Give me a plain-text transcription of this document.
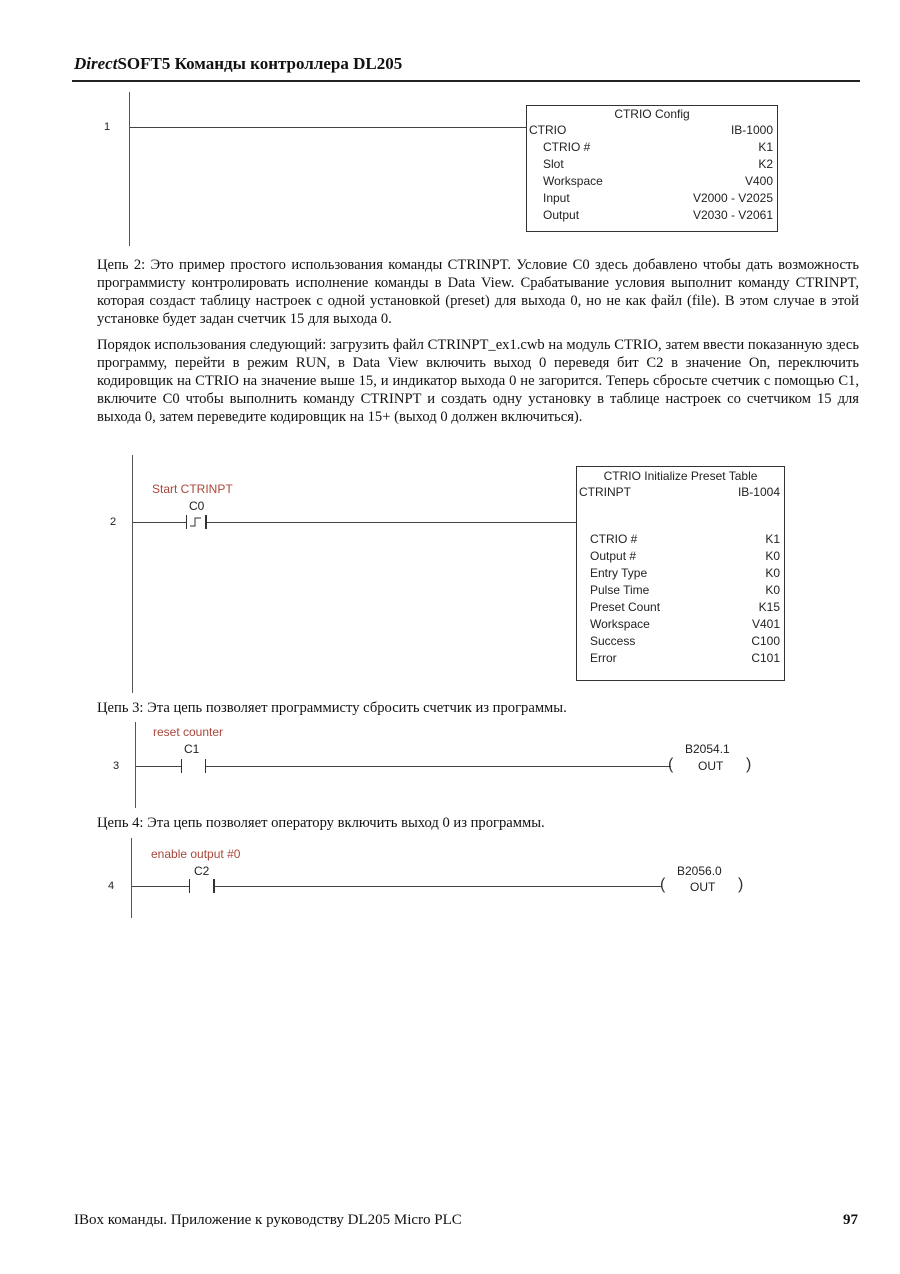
DirectSOFT5 Команды контроллера DL205
1
CTRIO Config
CTRIO	IB-1000
CTRIO #	K1
Slot	K2
Workspace	V400
Input	V2000 - V2025
Output	V2030 - V2061
Цепь 2: Это пример простого использования команды CTRINPT. Условие C0 здесь добавлено чтобы дать возможность программисту контролировать исполнение команды в Data View. Срабатывание условия выполнит команду CTRINPT, которая создаст таблицу настроек с одной установкой (preset) для выхода 0, но не как файл (file). В этом случае в этой установке будет задан счетчик 15 для выхода 0.
Порядок использования следующий: загрузить файл CTRINPT_ex1.cwb на модуль CTRIO, затем ввести показанную здесь программу, перейти в режим RUN, в Data View включить выход 0 переведя бит C2 в значение On, переключить кодировщик на CTRIO на значение выше 15, и индикатор выхода 0 не загорится. Теперь сбросьте счетчик с помощью C1, включите C0 чтобы выполнить команду CTRINPT и создать одну установку в таблице настроек со счетчиком 15 для выхода 0, затем переведите кодировщик на 15+ (выход 0 должен включиться).
2
Start CTRINPT
C0
CTRIO Initialize Preset Table
CTRINPT	IB-1004
CTRIO #	K1
Output #	K0
Entry Type	K0
Pulse Time	K0
Preset Count	K15
Workspace	V401
Success	C100
Error	C101
Цепь 3: Эта цепь позволяет программисту сбросить счетчик из программы.
3
reset counter
C1	B2054.1
( OUT )
Цепь 4: Эта цепь позволяет оператору включить выход 0 из программы.
4
enable output #0
C2	B2056.0
( OUT )
IBox команды. Приложение к руководству DL205 Micro PLC	97
